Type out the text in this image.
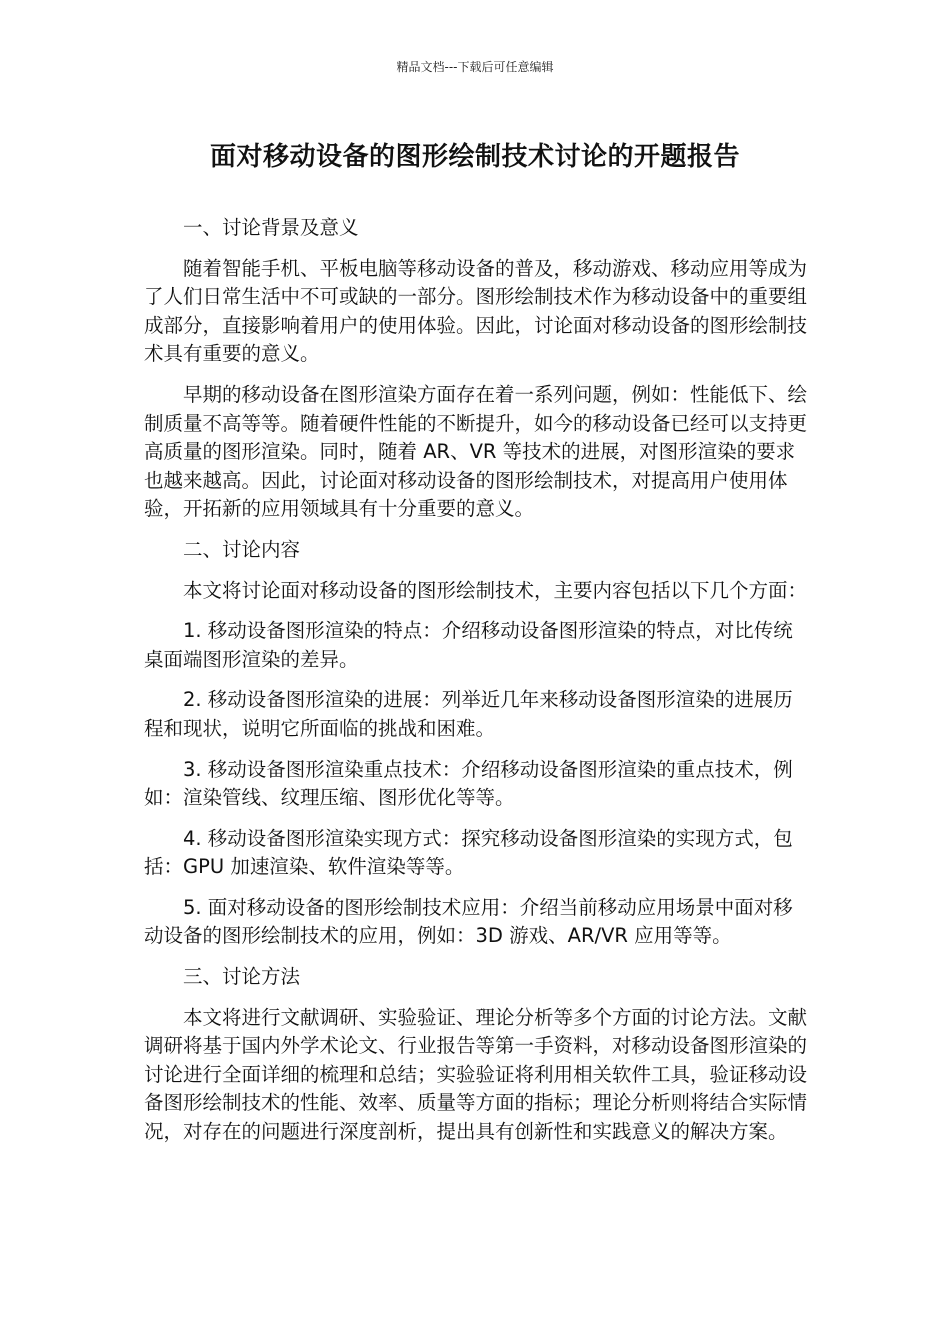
精品文档---下载后可任意编辑
面对移动设备的图形绘制技术讨论的开题报告

一、讨论背景及意义

随着智能手机、平板电脑等移动设备的普及，移动游戏、移动应用等成为了人们日常生活中不可或缺的一部分。图形绘制技术作为移动设备中的重要组成部分，直接影响着用户的使用体验。因此，讨论面对移动设备的图形绘制技术具有重要的意义。

早期的移动设备在图形渲染方面存在着一系列问题，例如：性能低下、绘制质量不高等等。随着硬件性能的不断提升，如今的移动设备已经可以支持更高质量的图形渲染。同时，随着 AR、VR 等技术的进展，对图形渲染的要求也越来越高。因此，讨论面对移动设备的图形绘制技术，对提高用户使用体验，开拓新的应用领域具有十分重要的意义。

二、讨论内容

本文将讨论面对移动设备的图形绘制技术，主要内容包括以下几个方面：

1. 移动设备图形渲染的特点：介绍移动设备图形渲染的特点，对比传统桌面端图形渲染的差异。

2. 移动设备图形渲染的进展：列举近几年来移动设备图形渲染的进展历程和现状，说明它所面临的挑战和困难。

3. 移动设备图形渲染重点技术：介绍移动设备图形渲染的重点技术，例如：渲染管线、纹理压缩、图形优化等等。

4. 移动设备图形渲染实现方式：探究移动设备图形渲染的实现方式，包括：GPU 加速渲染、软件渲染等等。

5. 面对移动设备的图形绘制技术应用：介绍当前移动应用场景中面对移动设备的图形绘制技术的应用，例如：3D 游戏、AR/VR 应用等等。

三、讨论方法

本文将进行文献调研、实验验证、理论分析等多个方面的讨论方法。文献调研将基于国内外学术论文、行业报告等第一手资料，对移动设备图形渲染的讨论进行全面详细的梳理和总结；实验验证将利用相关软件工具，验证移动设备图形绘制技术的性能、效率、质量等方面的指标；理论分析则将结合实际情况，对存在的问题进行深度剖析，提出具有创新性和实践意义的解决方案。
